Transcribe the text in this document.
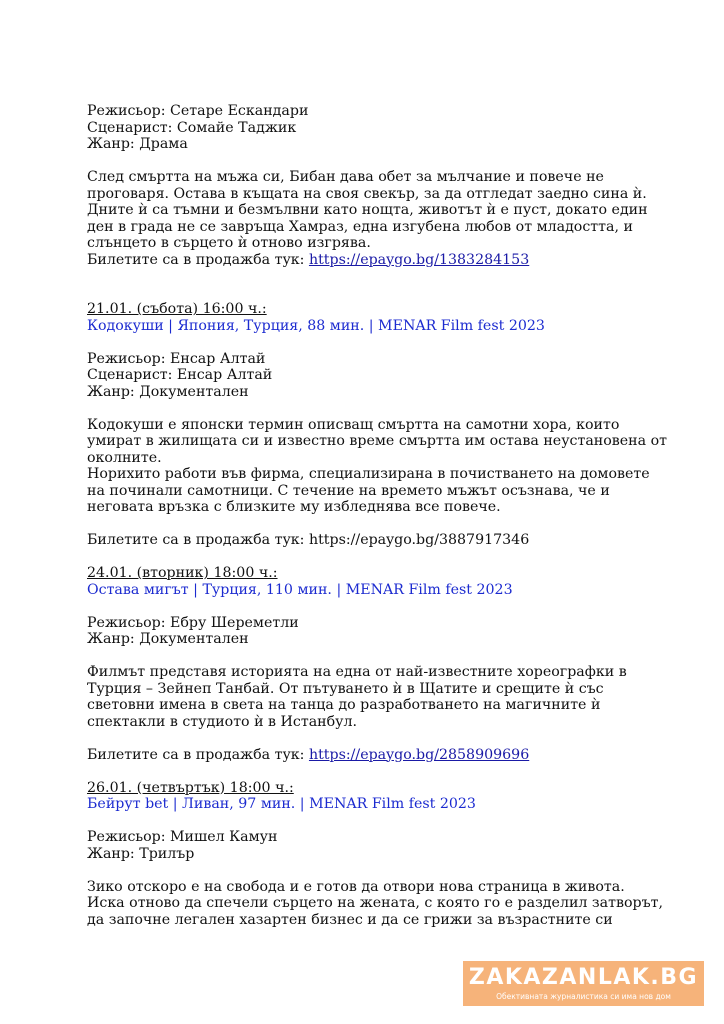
Режисьор: Сетаре Ескандари
Сценарист: Сомайе Таджик
Жанр: Драма
След смъртта на мъжа си, Бибан дава обет за мълчание и повече не
проговаря. Остава в къщата на своя свекър, за да отгледат заедно сина ѝ.
Дните ѝ са тъмни и безмълвни като нощта, животът ѝ е пуст, докато един
ден в града не се завръща Хамраз, една изгубена любов от младостта, и
слънцето в сърцето ѝ отново изгрява.
Билетите са в продажба тук: https://epaygo.bg/1383284153
21.01. (събота) 16:00 ч.:
Кодокуши | Япония, Турция, 88 мин. | MENAR Film fest 2023
Режисьор: Енсар Алтай
Сценарист: Енсар Алтай
Жанр: Документален
Кодокуши е японски термин описващ смъртта на самотни хора, които
умират в жилищата си и известно време смъртта им остава неустановена от
околните.
Норихито работи във фирма, специализирана в почистването на домовете
на починали самотници. С течение на времето мъжът осъзнава, че и
неговата връзка с близките му избледнява все повече.
Билетите са в продажба тук: https://epaygo.bg/3887917346
24.01. (вторник) 18:00 ч.:
Остава мигът | Турция, 110 мин. | MENAR Film fest 2023
Режисьор: Ебру Шереметли
Жанр: Документален
Филмът представя историята на една от най-известните хореографки в
Турция – Зейнеп Танбай. От пътуването ѝ в Щатите и срещите ѝ със
световни имена в света на танца до разработването на магичните ѝ
спектакли в студиото ѝ в Истанбул.
Билетите са в продажба тук: https://epaygo.bg/2858909696
26.01. (четвъртък) 18:00 ч.:
Бейрут bet | Ливан, 97 мин. | MENAR Film fest 2023
Режисьор: Мишел Камун
Жанр: Трилър
Зико отскоро е на свобода и е готов да отвори нова страница в живота.
Иска отново да спечели сърцето на жената, с която го е разделил затворът,
да започне легален хазартен бизнес и да се грижи за възрастните си
ZAKAZANLAK.BG
Обективната журналистика си има нов дом
